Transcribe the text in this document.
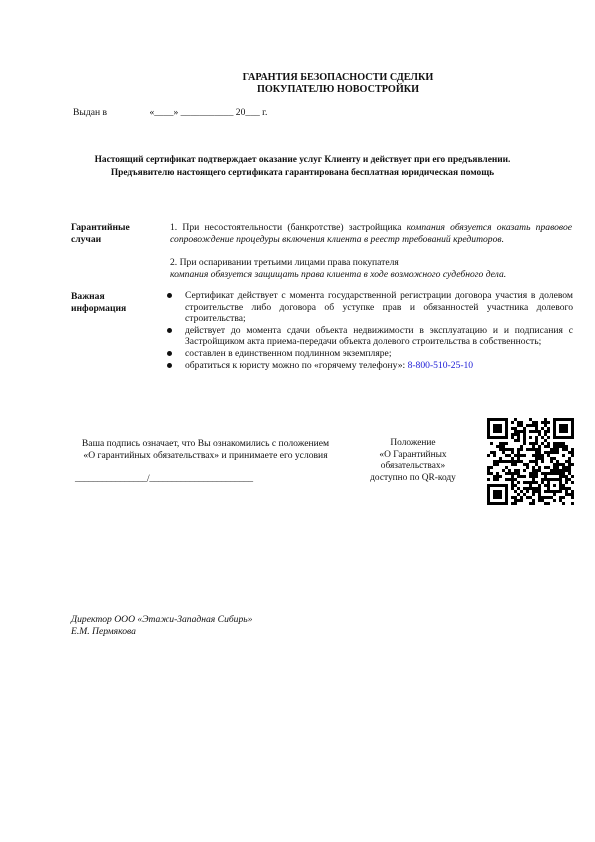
ГАРАНТИЯ БЕЗОПАСНОСТИ СДЕЛКИ
ПОКУПАТЕЛЮ НОВОСТРОЙКИ
Выдан в	«____» ___________ 20___ г.
Настоящий сертификат подтверждает оказание услуг Клиенту и действует при его предъявлении.
Предъявителю настоящего сертификата гарантирована бесплатная юридическая помощь
Гарантийные
случаи
1. При несостоятельности (банкротстве) застройщика компания обязуется оказать правовое сопровождение процедуры включения клиента в реестр требований кредиторов.
2. При оспаривании третьими лицами права покупателя
компания обязуется защищать права клиента в ходе возможного судебного дела.
Важная
информация
Сертификат действует с момента государственной регистрации договора участия в долевом строительстве либо договора об уступке прав и обязанностей участника долевого строительства;
действует до момента сдачи объекта недвижимости в эксплуатацию и и подписания с Застройщиком акта приема-передачи объекта долевого строительства в собственность;
составлен в единственном подлинном экземпляре;
обратиться к юристу можно по «горячему телефону»: 8-800-510-25-10
Ваша подпись означает, что Вы ознакомились с положением
«О гарантийных обязательствах» и принимаете его условия
________________/_______________________
Положение
«О Гарантийных
обязательствах»
доступно по QR-коду
Директор ООО «Этажи-Западная Сибирь»
Е.М. Пермякова
